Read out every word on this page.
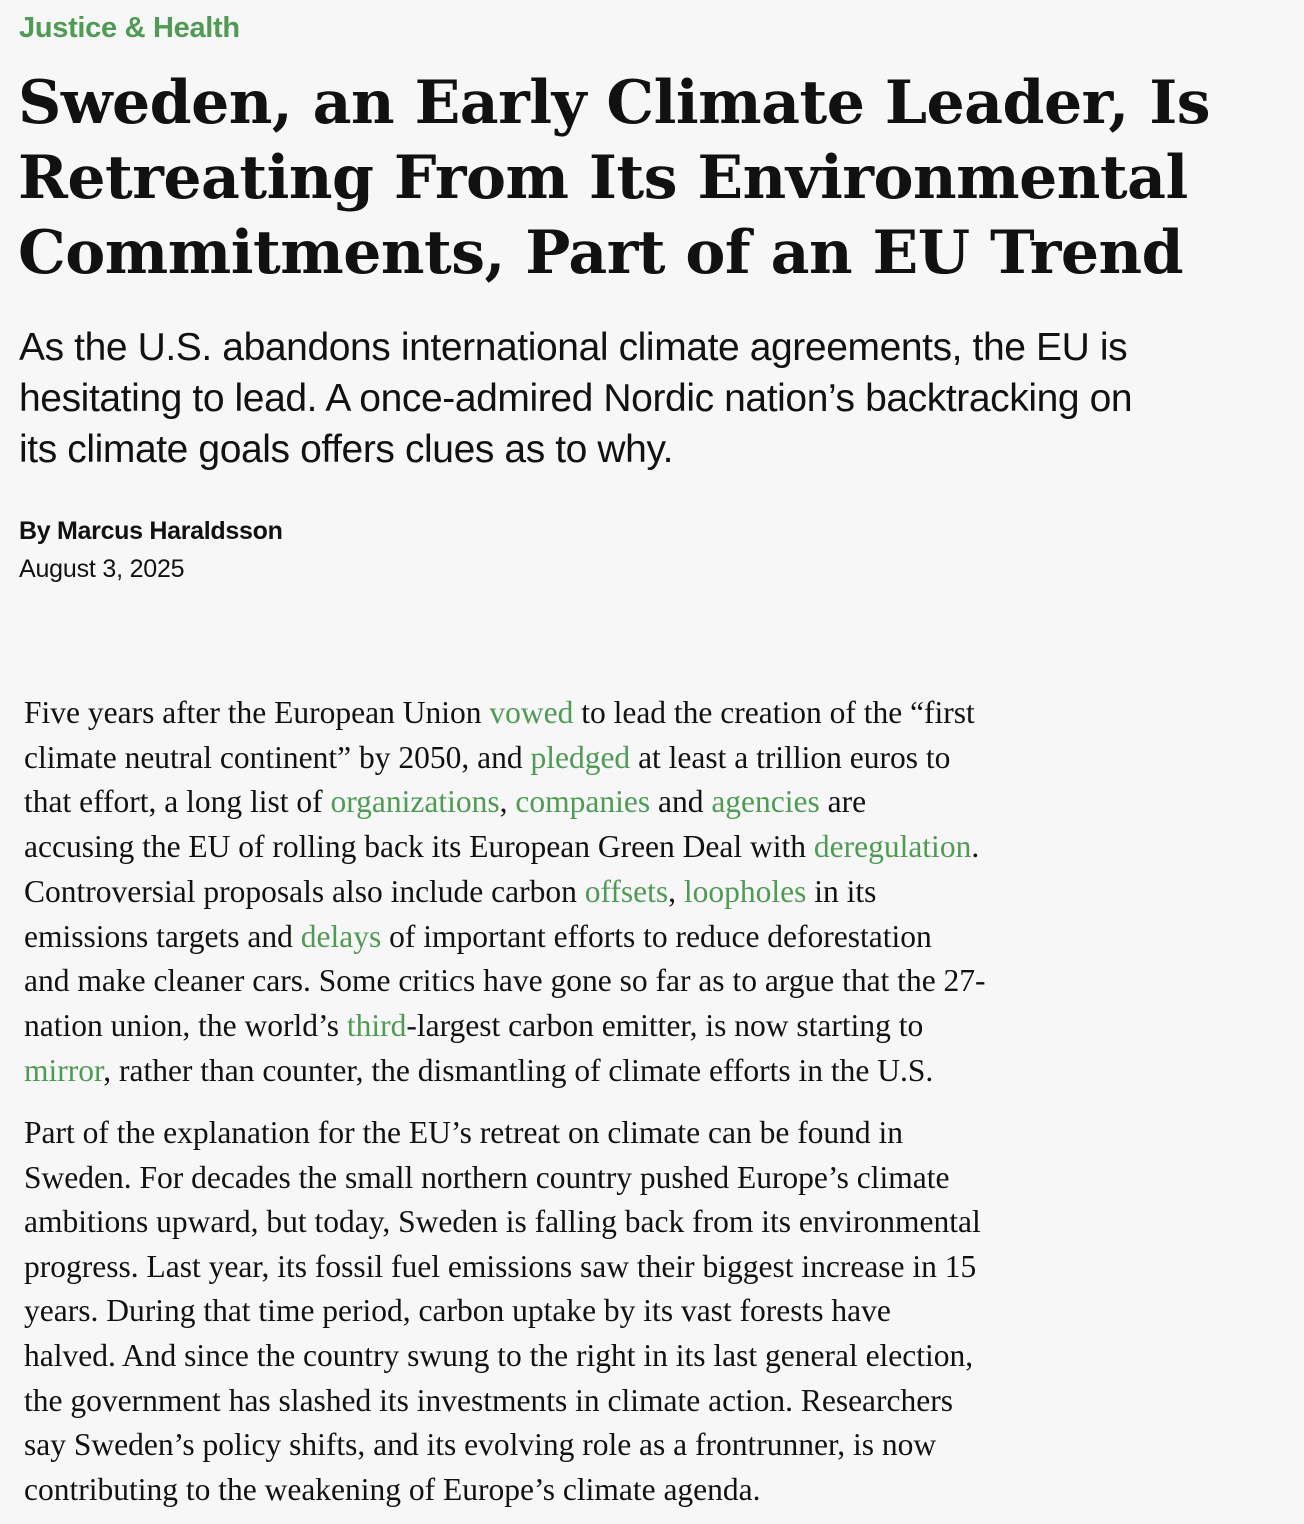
Justice & Health
Sweden, an Early Climate Leader, Is
Retreating From Its Environmental
Commitments, Part of an EU Trend

As the U.S. abandons international climate agreements, the EU is
hesitating to lead. A once-admired Nordic nation’s backtracking on
its climate goals offers clues as to why.

By Marcus Haraldsson
August 3, 2025

Five years after the European Union vowed to lead the creation of the “first
climate neutral continent” by 2050, and pledged at least a trillion euros to
that effort, a long list of organizations, companies and agencies are
accusing the EU of rolling back its European Green Deal with deregulation.
Controversial proposals also include carbon offsets, loopholes in its
emissions targets and delays of important efforts to reduce deforestation
and make cleaner cars. Some critics have gone so far as to argue that the 27-
nation union, the world’s third-largest carbon emitter, is now starting to
mirror, rather than counter, the dismantling of climate efforts in the U.S.

Part of the explanation for the EU’s retreat on climate can be found in
Sweden. For decades the small northern country pushed Europe’s climate
ambitions upward, but today, Sweden is falling back from its environmental
progress. Last year, its fossil fuel emissions saw their biggest increase in 15
years. During that time period, carbon uptake by its vast forests have
halved. And since the country swung to the right in its last general election,
the government has slashed its investments in climate action. Researchers
say Sweden’s policy shifts, and its evolving role as a frontrunner, is now
contributing to the weakening of Europe’s climate agenda.
